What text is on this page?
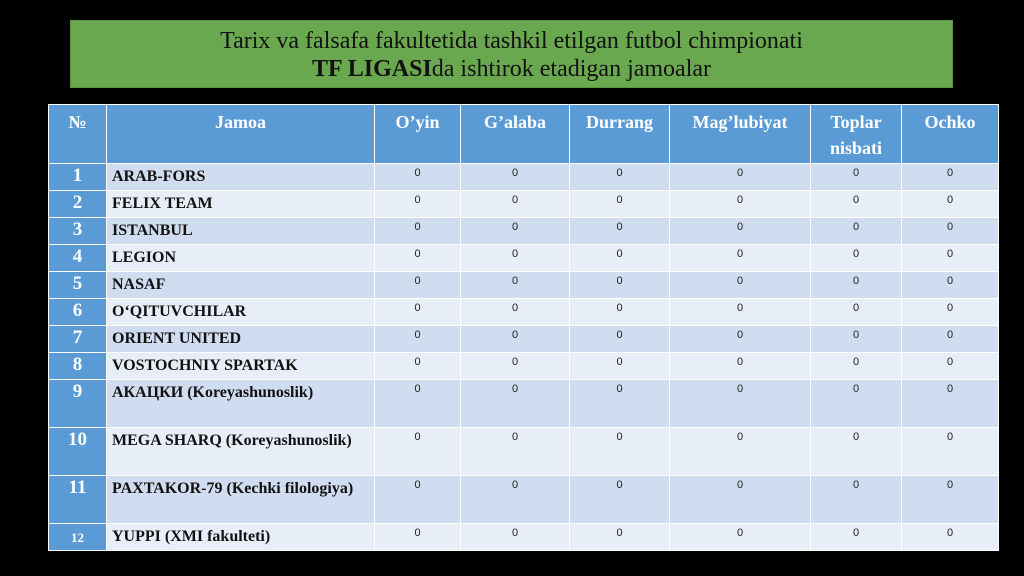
Tarix va falsafa fakultetida tashkil etilgan futbol chimpionati
TF LIGASIda ishtirok etadigan jamoalar
№	Jamoa	O’yin	G’alaba	Durrang	Mag’lubiyat	Toplar nisbati	Ochko
1	ARAB-FORS	0	0	0	0	0	0
2	FELIX TEAM	0	0	0	0	0	0
3	ISTANBUL	0	0	0	0	0	0
4	LEGION	0	0	0	0	0	0
5	NASAF	0	0	0	0	0	0
6	O‘QITUVCHILAR	0	0	0	0	0	0
7	ORIENT UNITED	0	0	0	0	0	0
8	VOSTOCHNIY SPARTAK	0	0	0	0	0	0
9	АКАЦКИ (Koreyashunoslik)	0	0	0	0	0	0
10	MEGA SHARQ (Koreyashunoslik)	0	0	0	0	0	0
11	PAXTAKOR-79 (Kechki filologiya)	0	0	0	0	0	0
12	YUPPI (XMI fakulteti)	0	0	0	0	0	0
